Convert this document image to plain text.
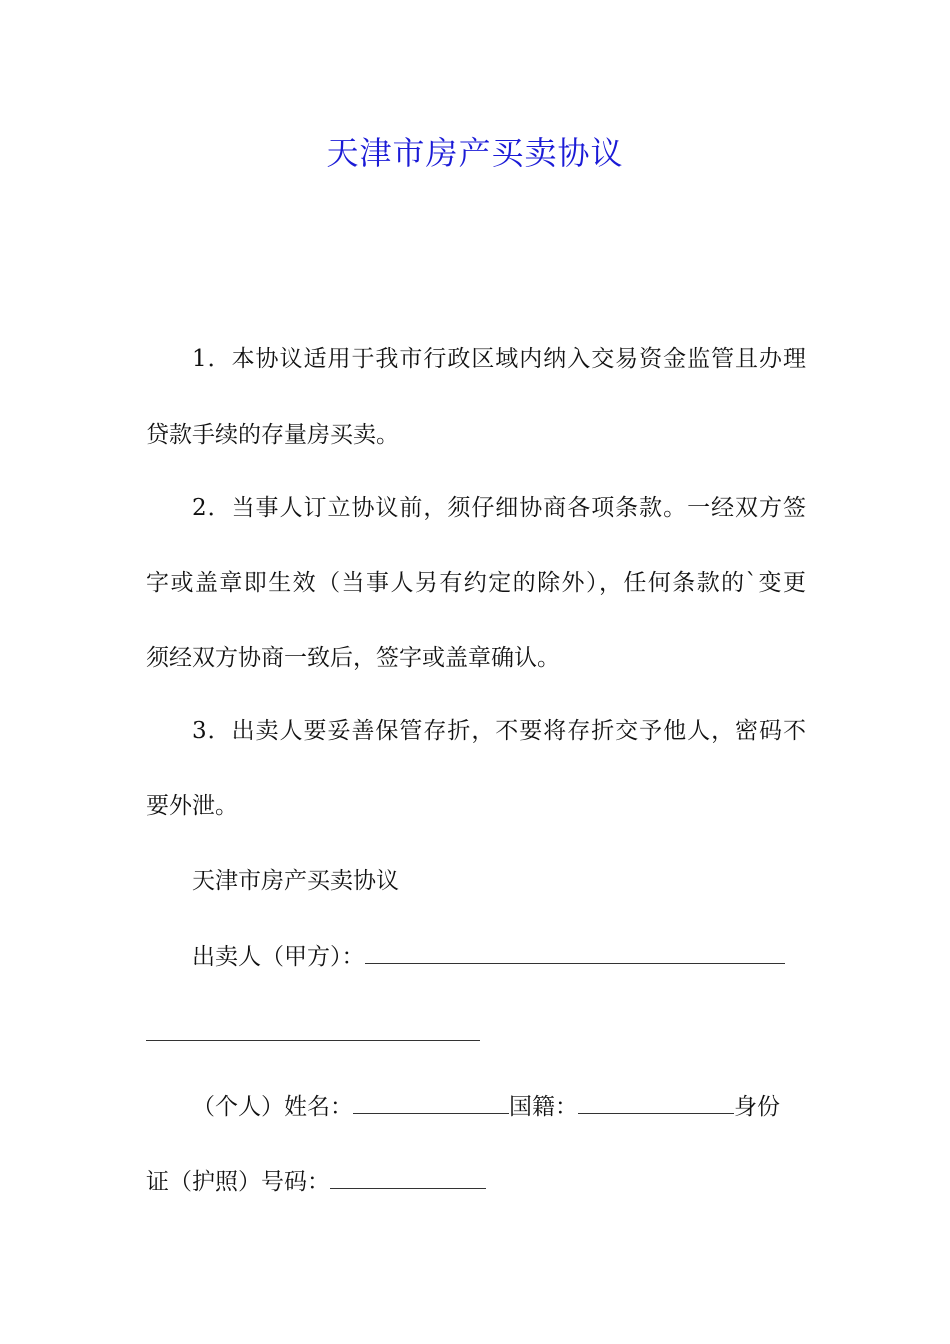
天津市房产买卖协议
1．本协议适用于我市行政区域内纳入交易资金监管且办理
贷款手续的存量房买卖。
2．当事人订立协议前，须仔细协商各项条款。一经双方签
字或盖章即生效（当事人另有约定的除外），任何条款的`变更
须经双方协商一致后，签字或盖章确认。
3．出卖人要妥善保管存折，不要将存折交予他人，密码不
要外泄。
天津市房产买卖协议
出卖人（甲方）：
（个人）姓名：	国籍：	身份
证（护照）号码：
